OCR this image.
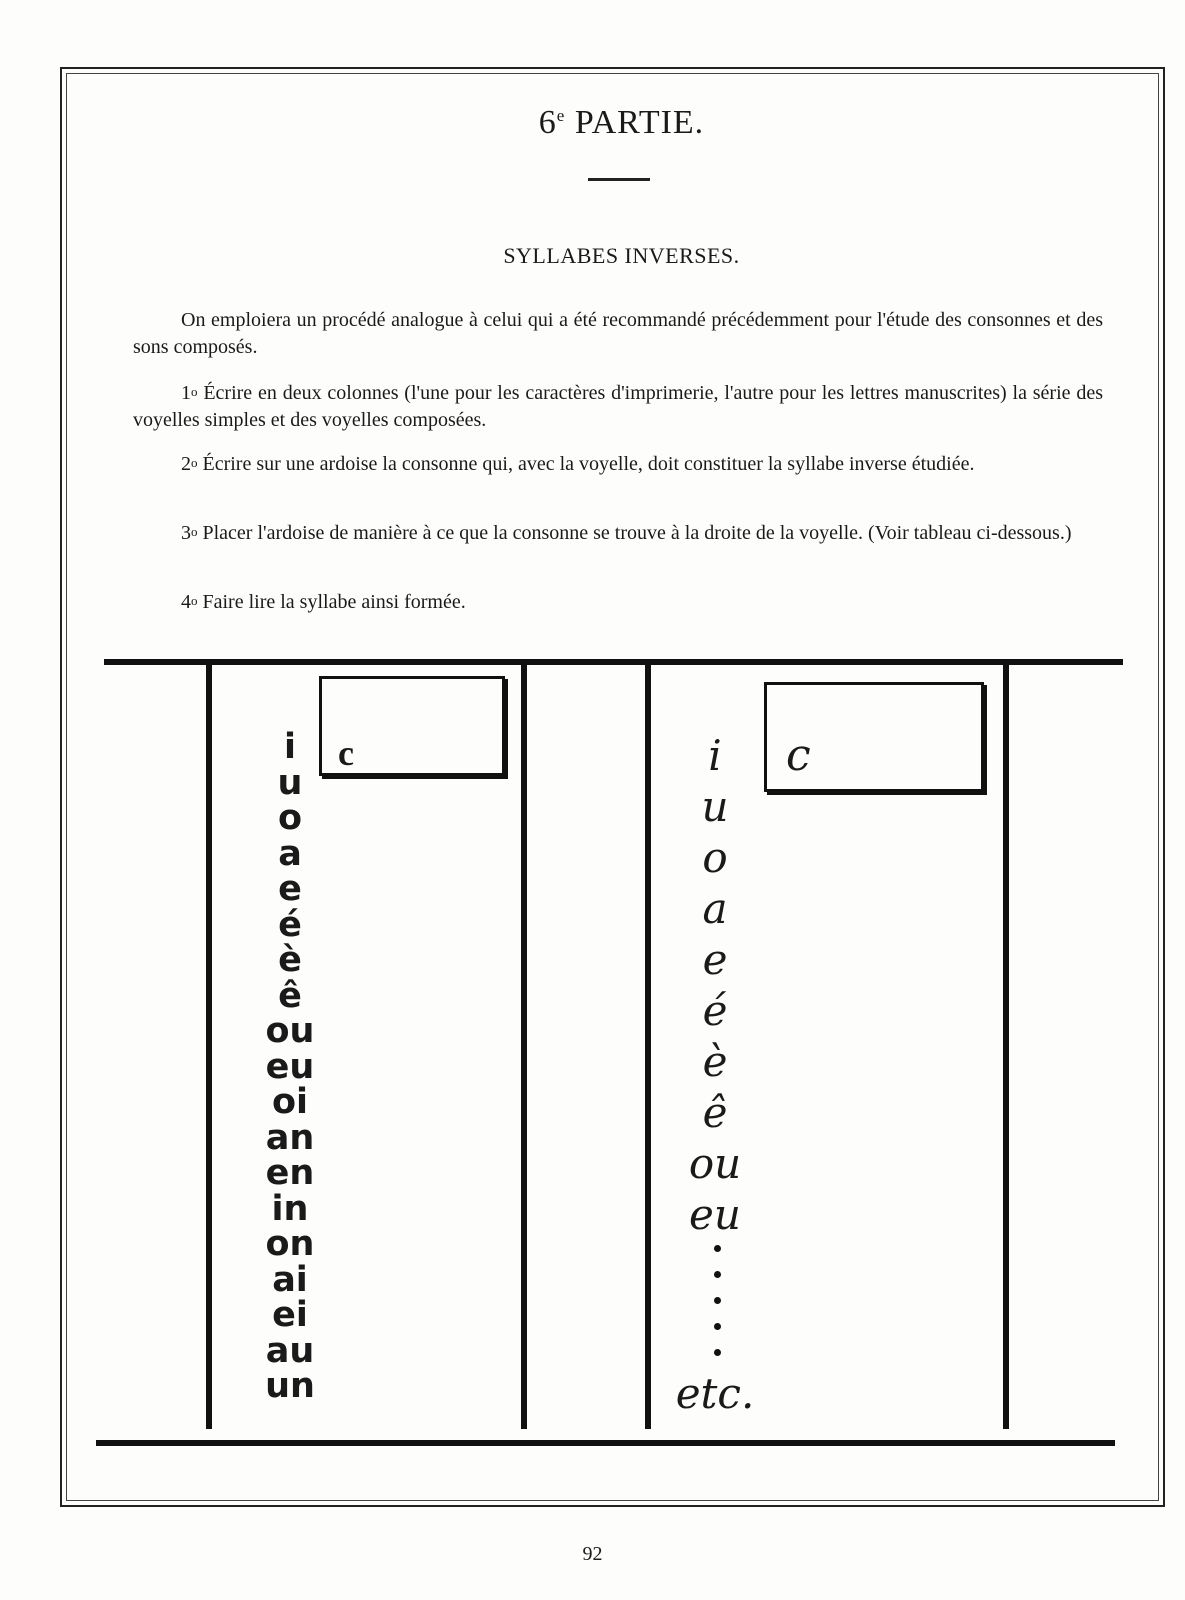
6e PARTIE.
SYLLABES INVERSES.
On emploiera un procédé analogue à celui qui a été recommandé précédemment pour l'étude des consonnes et des sons composés.
1$^o$ Écrire en deux colonnes (l'une pour les caractères d'imprimerie, l'autre pour les lettres manuscrites) la série des voyelles simples et des voyelles composées.
2$^o$ Écrire sur une ardoise la consonne qui, avec la voyelle, doit constituer la syllabe inverse étudiée.
3$^o$ Placer l'ardoise de manière à ce que la consonne se trouve à la droite de la voyelle. (Voir tableau ci-dessous.)
4$^o$ Faire lire la syllabe ainsi formée.
c	c
i
u
o
a
e
é
è
ê
ou
eu
oi
an
en
in
on
ai
ei
au
un
i
u
o
a
e
é
è
ê
ou
eu
etc.
92
